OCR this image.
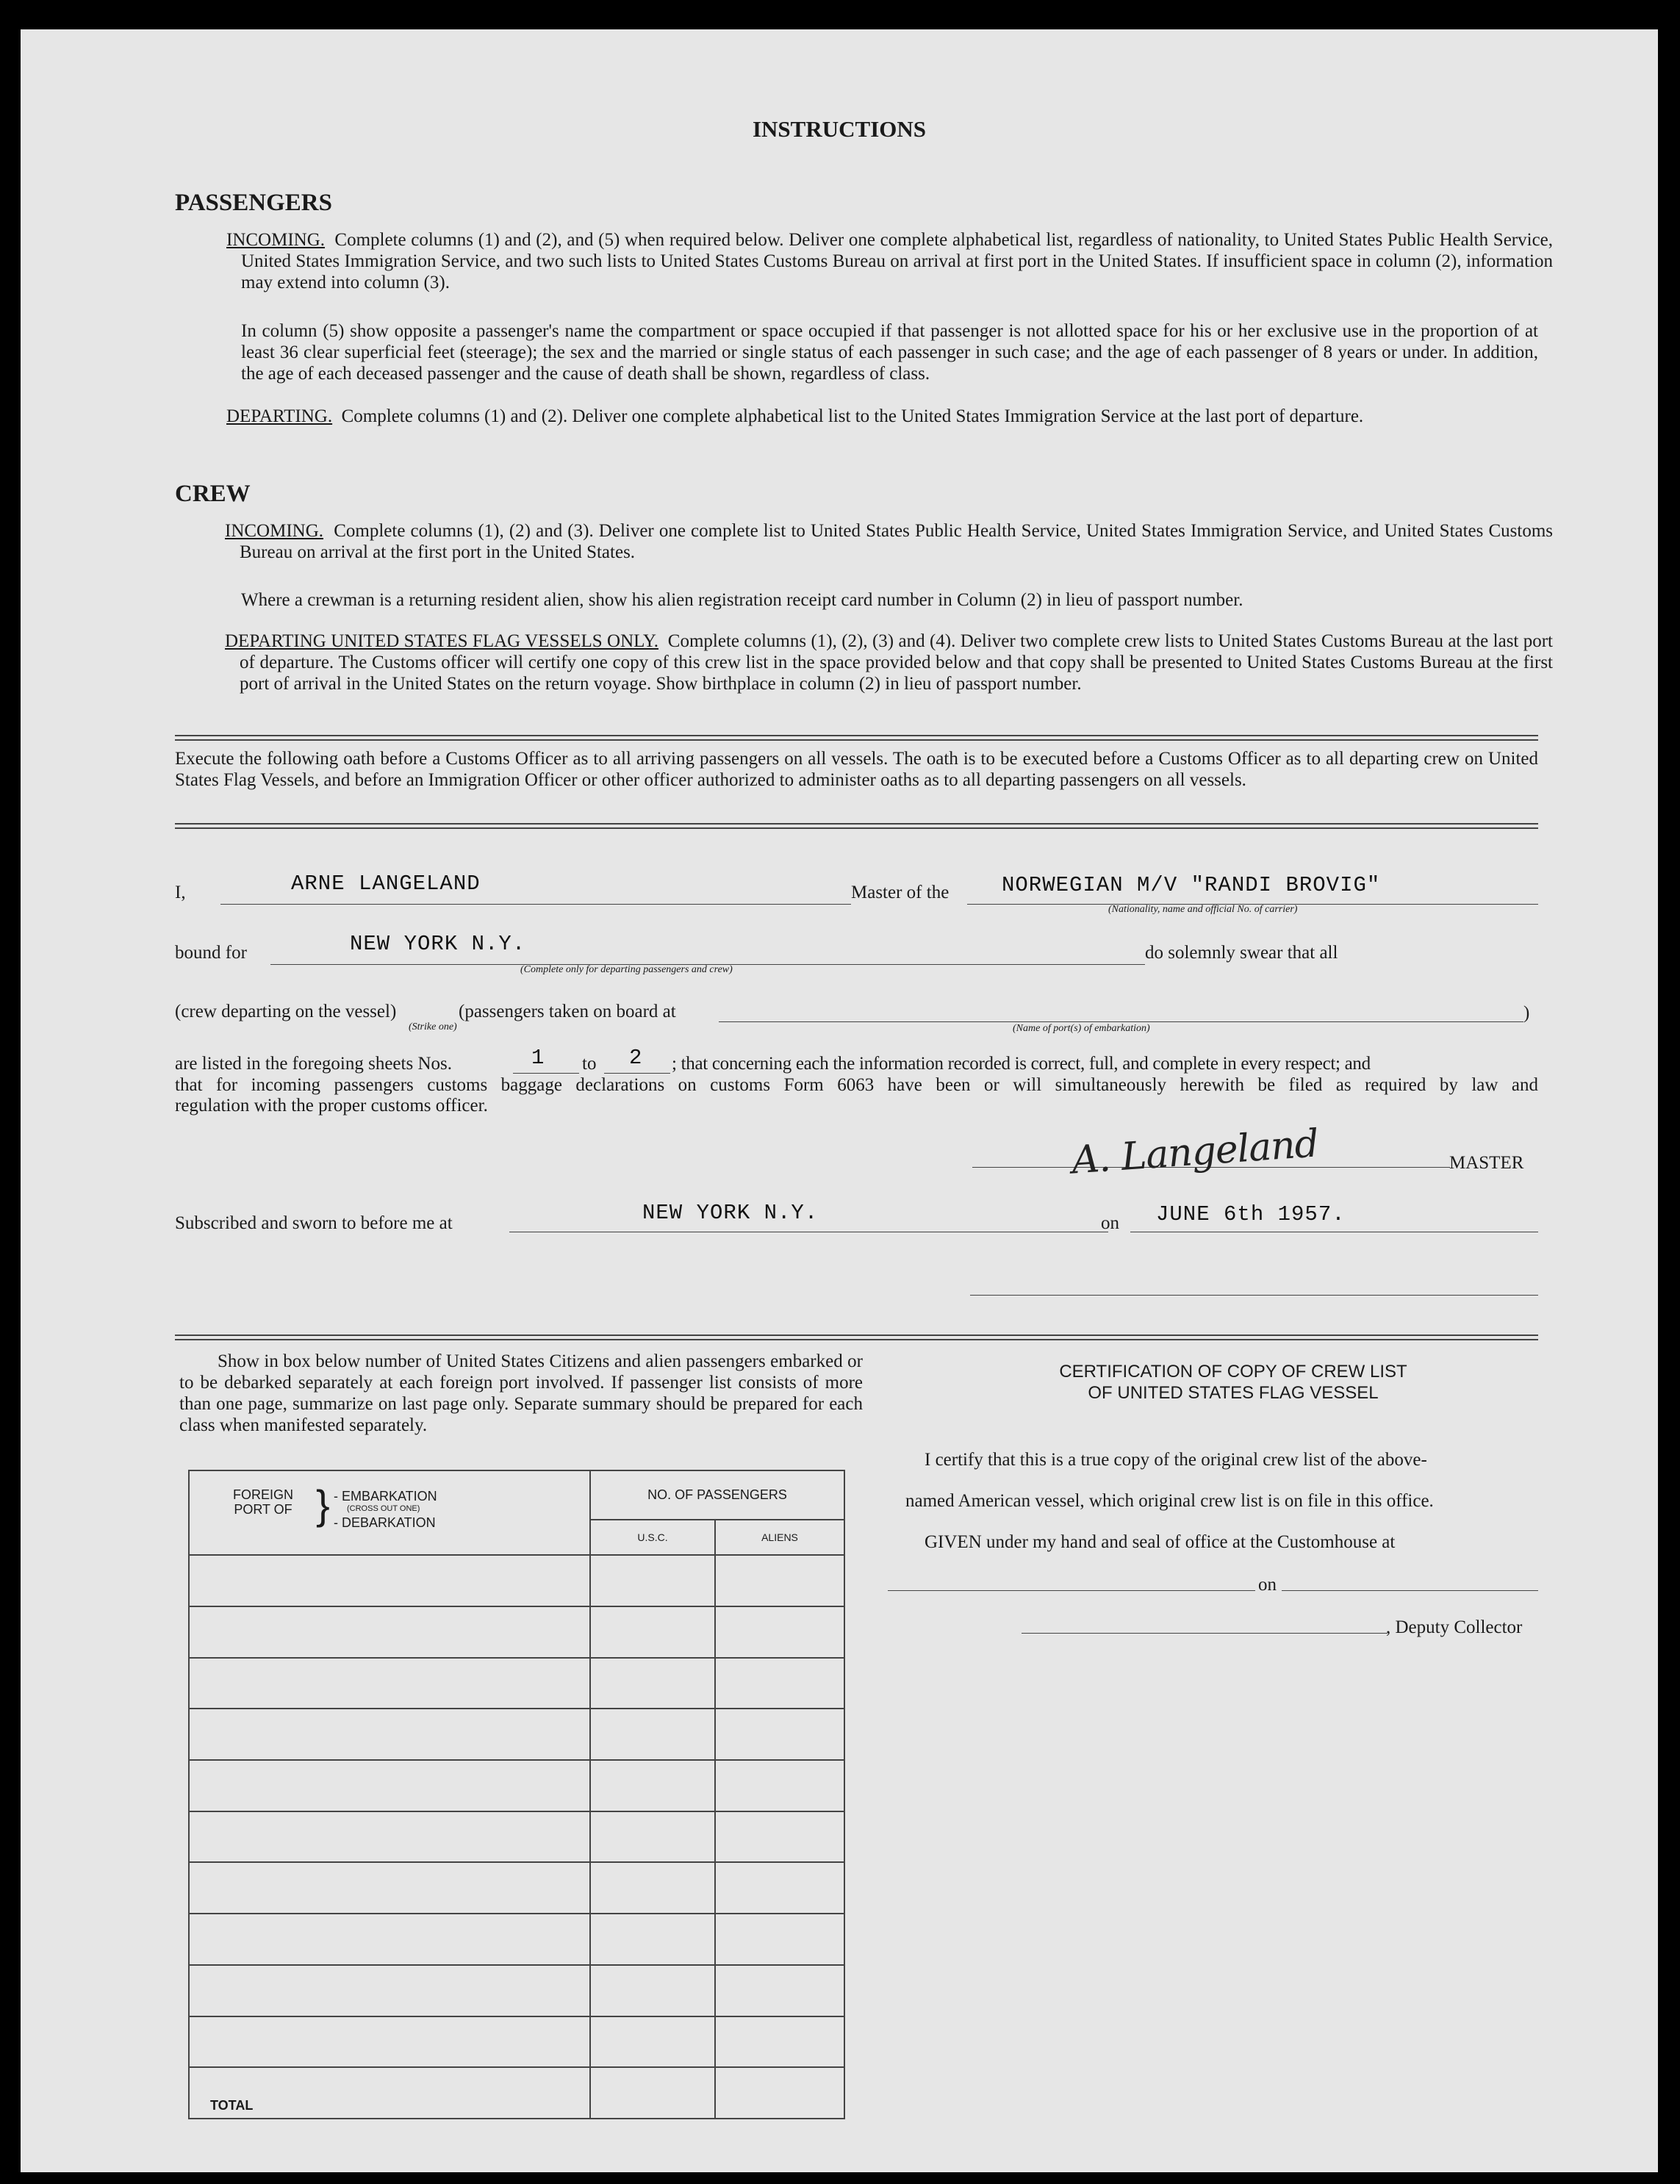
INSTRUCTIONS
PASSENGERS
INCOMING. Complete columns (1) and (2), and (5) when required below. Deliver one complete alphabetical list, regardless of nationality, to United States Public Health Service, United States Immigration Service, and two such lists to United States Customs Bureau on arrival at first port in the United States. If insufficient space in column (2), information may extend into column (3).
In column (5) show opposite a passenger's name the compartment or space occupied if that passenger is not allotted space for his or her exclusive use in the proportion of at least 36 clear superficial feet (steerage); the sex and the married or single status of each passenger in such case; and the age of each passenger of 8 years or under. In addition, the age of each deceased passenger and the cause of death shall be shown, regardless of class.
DEPARTING. Complete columns (1) and (2). Deliver one complete alphabetical list to the United States Immigration Service at the last port of departure.
CREW
INCOMING. Complete columns (1), (2) and (3). Deliver one complete list to United States Public Health Service, United States Immigration Service, and United States Customs Bureau on arrival at the first port in the United States.
Where a crewman is a returning resident alien, show his alien registration receipt card number in Column (2) in lieu of passport number.
DEPARTING UNITED STATES FLAG VESSELS ONLY. Complete columns (1), (2), (3) and (4). Deliver two complete crew lists to United States Customs Bureau at the last port of departure. The Customs officer will certify one copy of this crew list in the space provided below and that copy shall be presented to United States Customs Bureau at the first port of arrival in the United States on the return voyage. Show birthplace in column (2) in lieu of passport number.
Execute the following oath before a Customs Officer as to all arriving passengers on all vessels. The oath is to be executed before a Customs Officer as to all departing crew on United States Flag Vessels, and before an Immigration Officer or other officer authorized to administer oaths as to all departing passengers on all vessels.
I,	ARNE LANGELAND	Master of the NORWEGIAN M/V "RANDI BROVIG"
(Nationality, name and official No. of carrier)
bound for	NEW YORK N.Y.
(Complete only for departing passengers and crew)
do solemnly swear that all
(crew departing on the vessel)	(passengers taken on board at	)
(Strike one)	(Name of port(s) of embarkation)
are listed in the foregoing sheets Nos.	1 to 2 ; that concerning each the information recorded is correct, full, and complete in every respect; and
that for incoming passengers customs baggage declarations on customs Form 6063 have been or will simultaneously herewith be filed as required by law and
regulation with the proper customs officer.
A. Langeland	MASTER
Subscribed and sworn to before me at	NEW YORK N.Y.	on JUNE 6th 1957.
Show in box below number of United States Citizens and alien passengers embarked or to be debarked separately at each foreign port involved. If passenger list consists of more than one page, summarize on last page only. Separate summary should be prepared for each class when manifested separately.
FOREIGN PORT OF } - EMBARKATION
(CROSS OUT ONE)
- DEBARKATION	NO. OF PASSENGERS	
	U.S.C.	ALIENS

TOTAL		
CERTIFICATION OF COPY OF CREW LIST
OF UNITED STATES FLAG VESSEL
I certify that this is a true copy of the original crew list of the above-
named American vessel, which original crew list is on file in this office.
GIVEN under my hand and seal of office at the Customhouse at
on
, Deputy Collector
